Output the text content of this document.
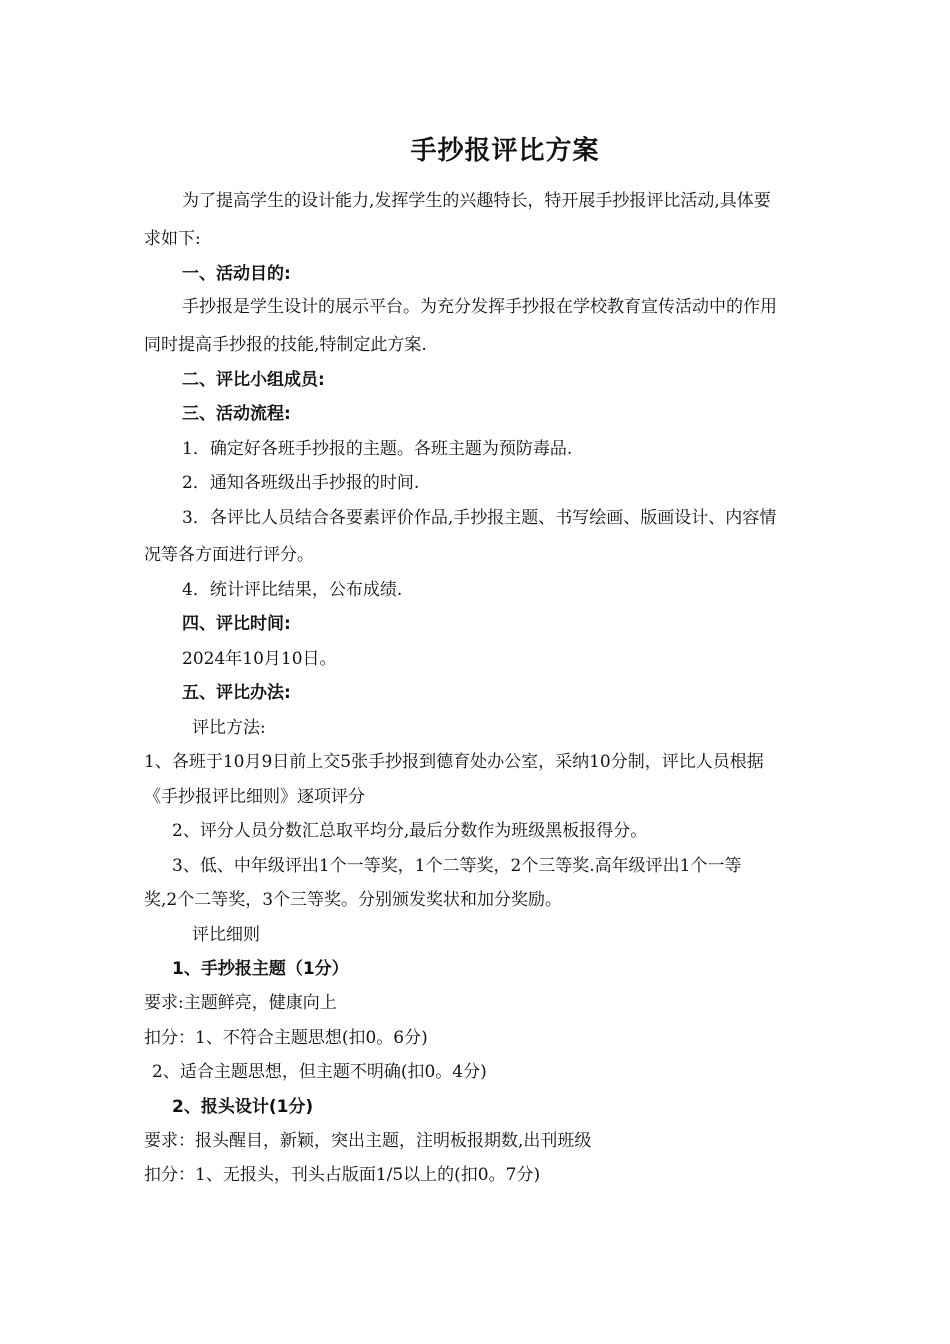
手抄报评比方案
为了提高学生的设计能力,发挥学生的兴趣特长，特开展手抄报评比活动,具体要
求如下:
一、活动目的:
手抄报是学生设计的展示平台。为充分发挥手抄报在学校教育宣传活动中的作用
同时提高手抄报的技能,特制定此方案.
二、评比小组成员:
三、活动流程:
1．确定好各班手抄报的主题。各班主题为预防毒品.
2．通知各班级出手抄报的时间.
3．各评比人员结合各要素评价作品,手抄报主题、书写绘画、版画设计、内容情
况等各方面进行评分。
4．统计评比结果，公布成绩.
四、评比时间:
2024年10月10日。
五、评比办法:
评比方法:
1、各班于10月9日前上交5张手抄报到德育处办公室，采纳10分制，评比人员根据
《手抄报评比细则》逐项评分
2、评分人员分数汇总取平均分,最后分数作为班级黑板报得分。
3、低、中年级评出1个一等奖，1个二等奖，2个三等奖.高年级评出1个一等
奖,2个二等奖，3个三等奖。分别颁发奖状和加分奖励。
评比细则
1、手抄报主题（1分）
要求:主题鲜亮，健康向上
扣分：1、不符合主题思想(扣0。6分)
2、适合主题思想，但主题不明确(扣0。4分)
2、报头设计(1分)
要求：报头醒目，新颖，突出主题，注明板报期数,出刊班级
扣分：1、无报头，刊头占版面1/5以上的(扣0。7分)
